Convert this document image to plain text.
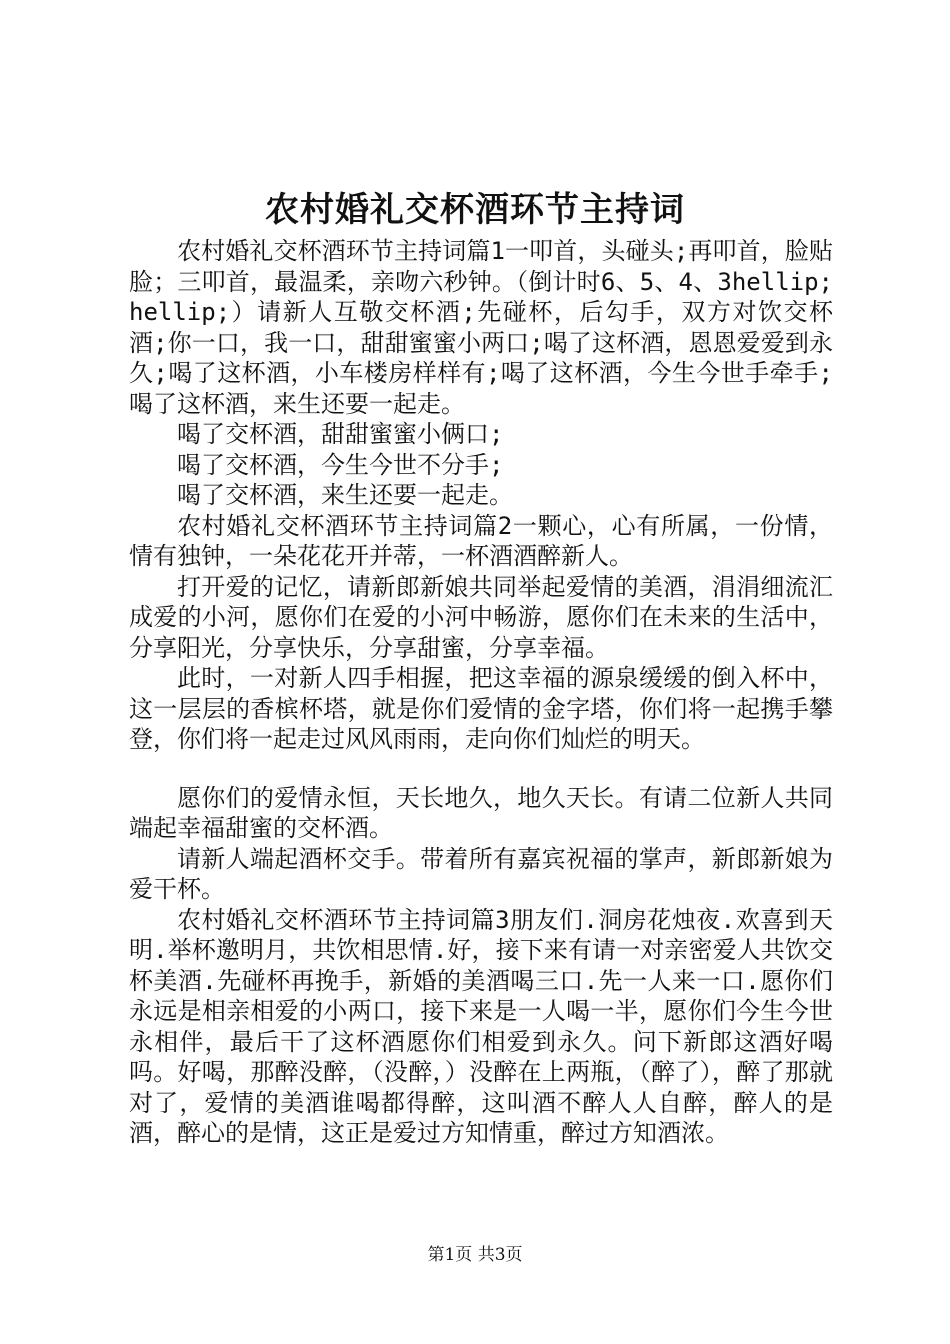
农村婚礼交杯酒环节主持词

农村婚礼交杯酒环节主持词篇1一叩首，头碰头;再叩首，脸贴脸；三叩首，最温柔，亲吻六秒钟。（倒计时6、5、4、3hellip;hellip;）请新人互敬交杯酒;先碰杯，后勾手，双方对饮交杯酒;你一口，我一口，甜甜蜜蜜小两口;喝了这杯酒，恩恩爱爱到永久;喝了这杯酒，小车楼房样样有;喝了这杯酒，今生今世手牵手;喝了这杯酒，来生还要一起走。

喝了交杯酒，甜甜蜜蜜小俩口;

喝了交杯酒，今生今世不分手;

喝了交杯酒，来生还要一起走。

农村婚礼交杯酒环节主持词篇2一颗心，心有所属，一份情，情有独钟，一朵花花开并蒂，一杯酒酒醉新人。

打开爱的记忆，请新郎新娘共同举起爱情的美酒，涓涓细流汇成爱的小河，愿你们在爱的小河中畅游，愿你们在未来的生活中，分享阳光，分享快乐，分享甜蜜，分享幸福。

此时，一对新人四手相握，把这幸福的源泉缓缓的倒入杯中，这一层层的香槟杯塔，就是你们爱情的金字塔，你们将一起携手攀登，你们将一起走过风风雨雨，走向你们灿烂的明天。

愿你们的爱情永恒，天长地久，地久天长。有请二位新人共同端起幸福甜蜜的交杯酒。

请新人端起酒杯交手。带着所有嘉宾祝福的掌声，新郎新娘为爱干杯。

农村婚礼交杯酒环节主持词篇3朋友们.洞房花烛夜.欢喜到天明.举杯邀明月，共饮相思情.好，接下来有请一对亲密爱人共饮交杯美酒.先碰杯再挽手，新婚的美酒喝三口.先一人来一口.愿你们永远是相亲相爱的小两口，接下来是一人喝一半，愿你们今生今世永相伴，最后干了这杯酒愿你们相爱到永久。问下新郎这酒好喝吗。好喝，那醉没醉，（没醉，）没醉在上两瓶，（醉了），醉了那就对了，爱情的美酒谁喝都得醉，这叫酒不醉人人自醉，醉人的是酒，醉心的是情，这正是爱过方知情重，醉过方知酒浓。

第1页 共3页
